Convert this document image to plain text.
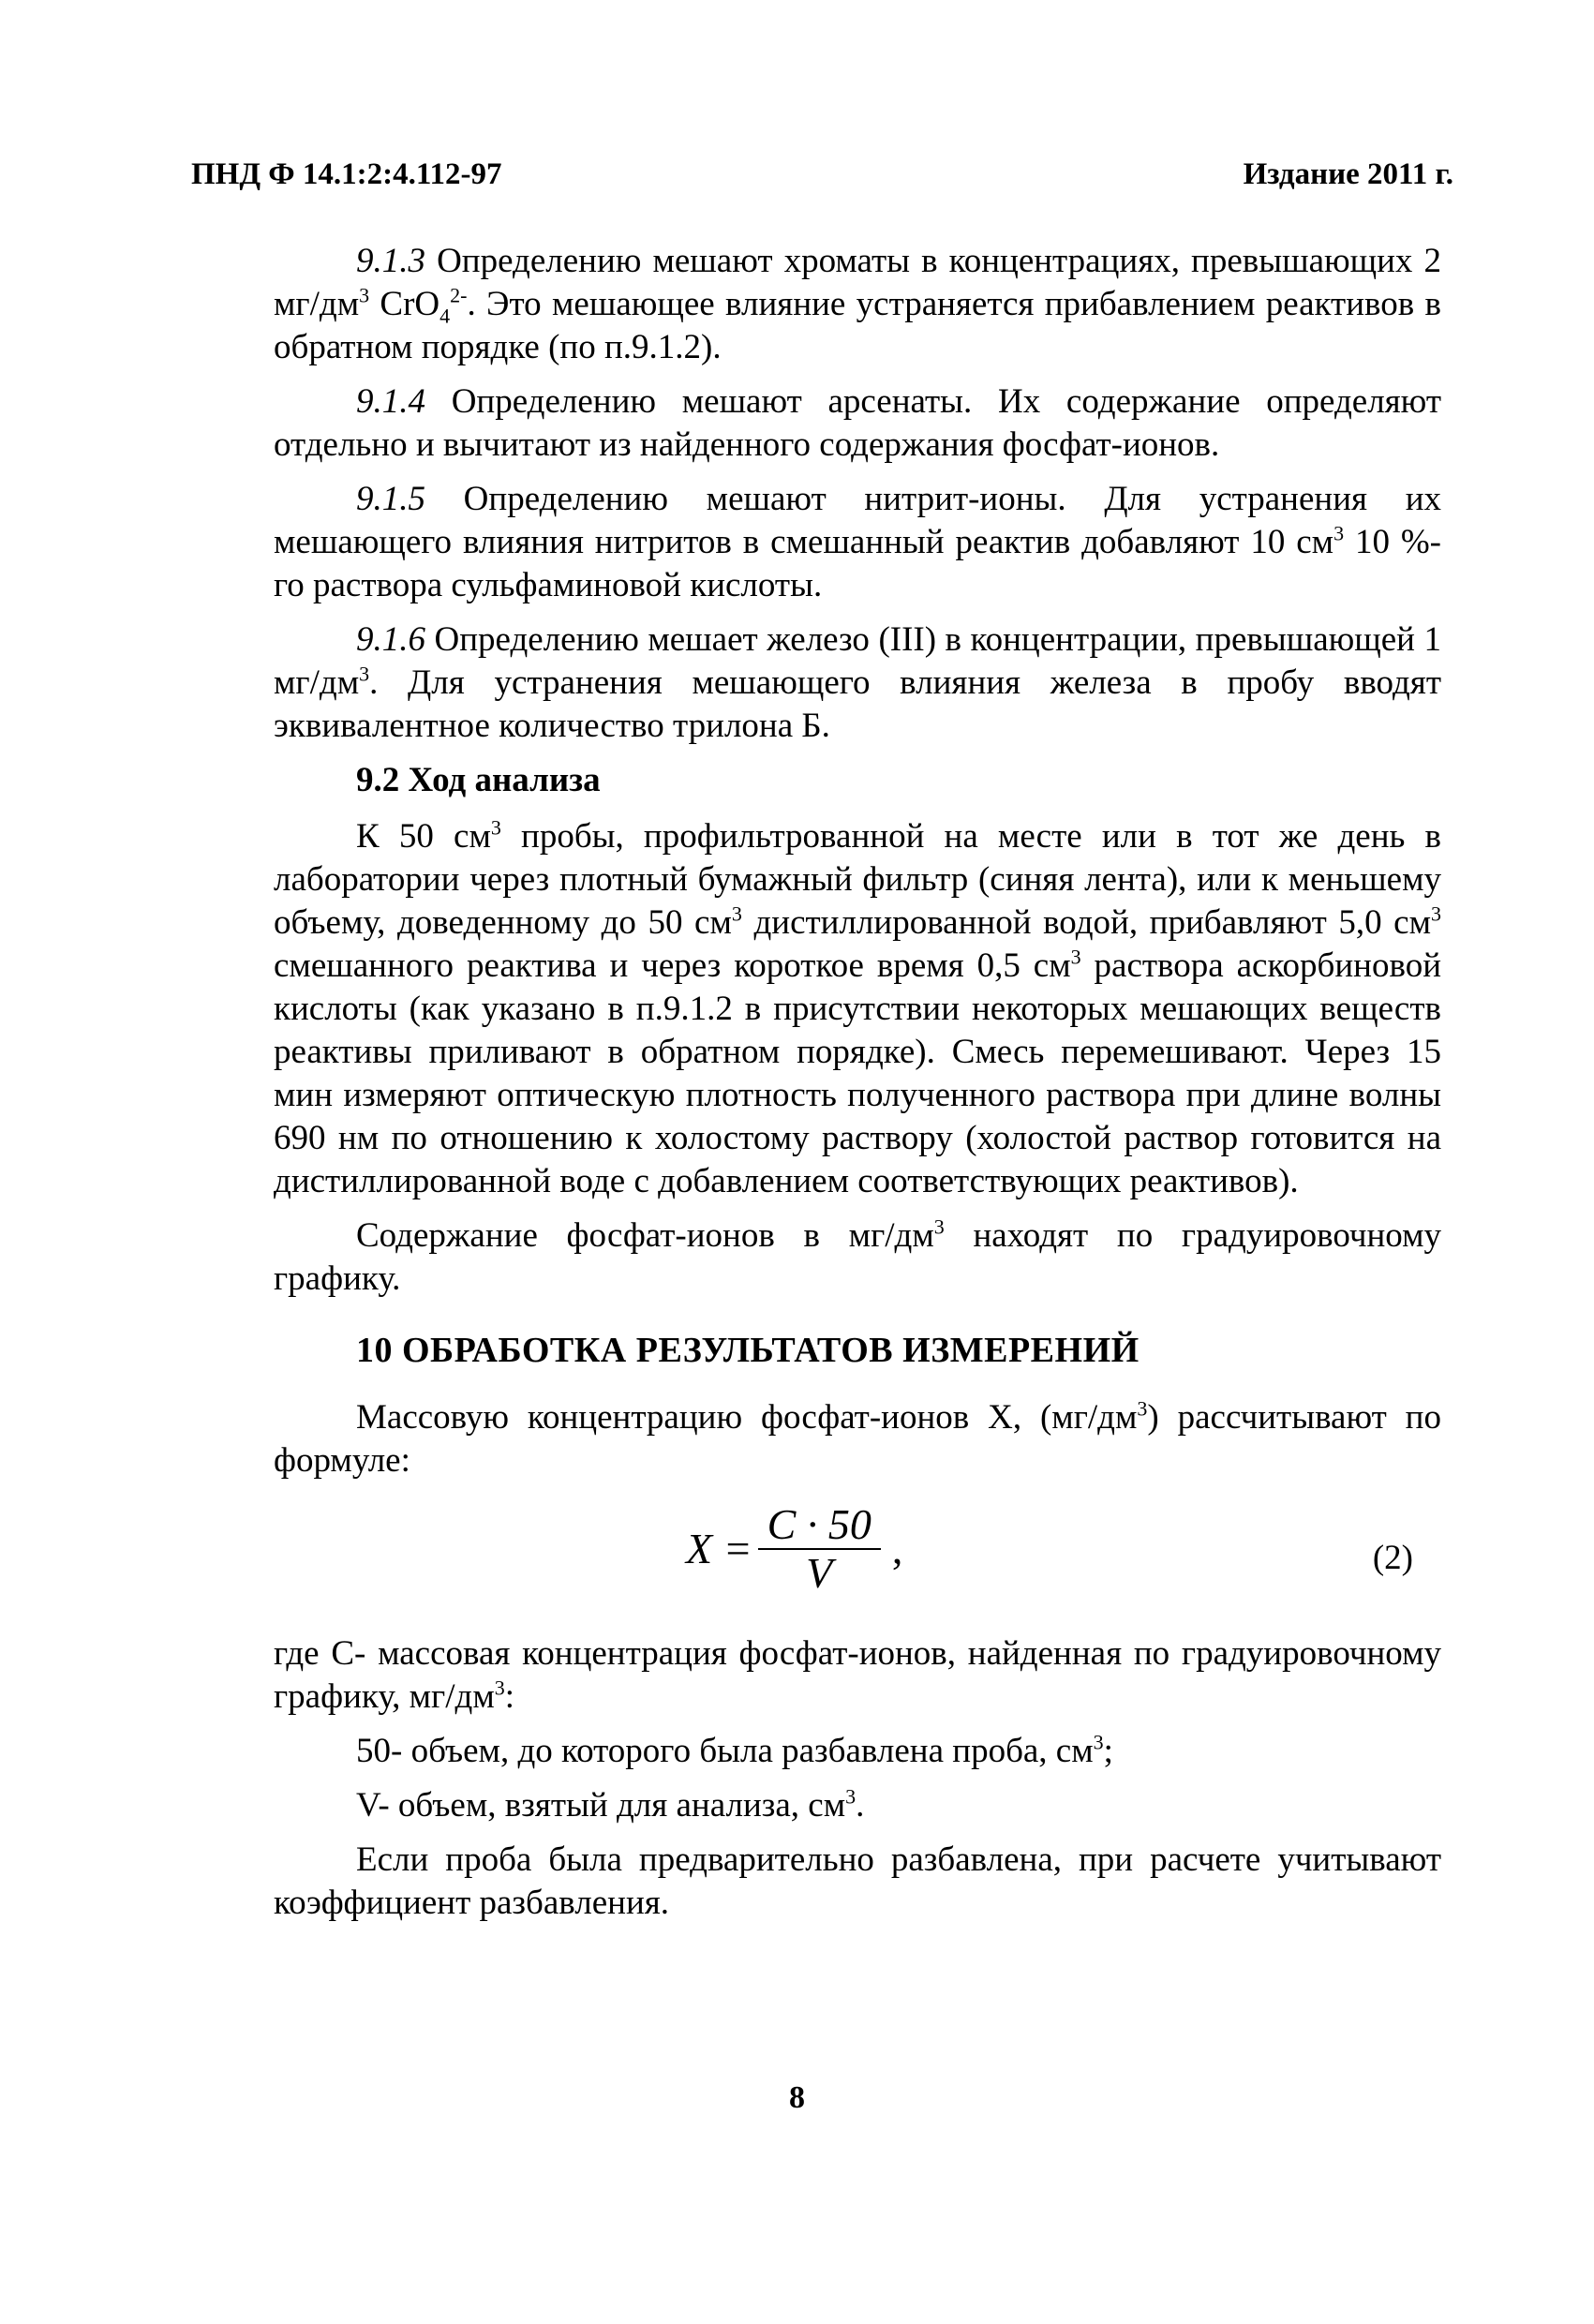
ПНД Ф 14.1:2:4.112-97	Издание 2011 г.

9.1.3 Определению мешают хроматы в концентрациях, превышающих 2 $мг/дм^3$ CrO$_4^{2-}$. Это мешающее влияние устраняется прибавлением реактивов в обратном порядке (по п.9.1.2).

9.1.4 Определению мешают арсенаты. Их содержание определяют отдельно и вычитают из найденного содержания фосфат-ионов.

9.1.5 Определению мешают нитрит-ионы. Для устранения их мешающего влияния нитритов в смешанный реактив добавляют 10 $см^3$ 10 %-го раствора сульфаминовой кислоты.

9.1.6 Определению мешает железо (III) в концентрации, превышающей 1 $мг/дм^3$. Для устранения мешающего влияния железа в пробу вводят эквивалентное количество трилона Б.

9.2 Ход анализа

К 50 $см^3$ пробы, профильтрованной на месте или в тот же день в лаборатории через плотный бумажный фильтр (синяя лента), или к меньшему объему, доведенному до 50 $см^3$ дистиллированной водой, прибавляют 5,0 $см^3$ смешанного реактива и через короткое время 0,5 $см^3$ раствора аскорбиновой кислоты (как указано в п.9.1.2 в присутствии некоторых мешающих веществ реактивы приливают в обратном порядке). Смесь перемешивают. Через 15 мин измеряют оптическую плотность полученного раствора при длине волны 690 нм по отношению к холостому раствору (холостой раствор готовится на дистиллированной воде с добавлением соответствующих реактивов).

Содержание фосфат-ионов в $мг/дм^3$ находят по градуировочному графику.

10 ОБРАБОТКА РЕЗУЛЬТАТОВ ИЗМЕРЕНИЙ

Массовую концентрацию фосфат-ионов X, $(мг/дм^3)$ рассчитывают по формуле:

$X = \frac{C \cdot 50}{V}$ ,	(2)

где C- массовая концентрация фосфат-ионов, найденная по градуировочному графику, $мг/дм^3$:

50- объем, до которого была разбавлена проба, $см^3$;

V- объем, взятый для анализа, $см^3$.

Если проба была предварительно разбавлена, при расчете учитывают коэффициент разбавления.

8
